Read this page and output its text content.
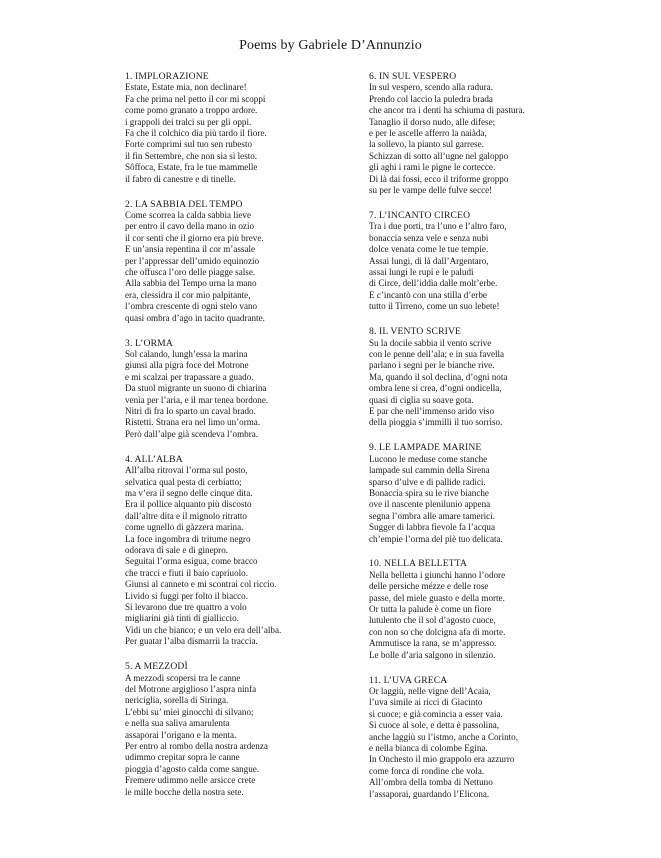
Poems by Gabriele D’Annunzio

1. IMPLORAZIONE

Estate, Estate mia, non declinare!

Fa che prima nel petto il cor mi scoppi

come pomo granato a troppo ardore.

i grappoli dei tralci su per gli oppi.

Fa che il colchico dia più tardo il fiore.

Forte comprimi sul tuo sen rubesto

il fin Settembre, che non sia sì lesto.

Sôffoca, Estate, fra le tue mammelle

il fabro di canestre e di tinelle.

2. LA SABBIA DEL TEMPO

Come scorrea la calda sabbia lieve

per entro il cavo della mano in ozio

il cor sentì che il giorno era più breve.

E un’ansia repentina il cor m’assale

per l’appressar dell’umido equinozio

che offusca l’oro delle piagge salse.

Alla sabbia del Tempo urna la mano

era, clessidra il cor mio palpitante,

l’ombra crescente di ogni stelo vano

quasi ombra d’ago in tacito quadrante.

3. L’ORMA

Sol calando, lungh’essa la marina

giunsi alla pigra foce del Motrone

e mi scalzai per trapassare a guado.

Da stuol migrante un suono di chiarina

venìa per l’aria, e il mar tenea bordone.

Nitrì di fra lo sparto un caval brado.

Ristetti. Strana era nel limo un’orma.

Però dall’alpe già scendeva l’ombra.

4. ALL’ALBA

All’alba ritrovai l’orma sul posto,

selvatica qual pesta di cerbiatto;

ma v’era il segno delle cinque dita.

Era il pollice alquanto più discosto

dall’altre dita e il mignolo ritratto

come ugnello di gàzzera marina.

La foce ingombra di tritume negro

odorava di sale e di ginepro.

Seguitai l’orma esigua, come bracco

che tracci e fiuti il baio capriuolo.

Giunsi al canneto e mi scontrai col riccio.

Livido si fuggì per folto il biacco.

Si levarono due tre quattro a volo

migliarini già tinti di gialliccio.

Vidi un che bianco; e un velo era dell’alba.

Per guatar l’alba dismarrii la traccia.

5. A MEZZODÌ

A mezzodì scopersi tra le canne

del Motrone argiglioso l’aspra ninfa

nericiglia, sorella di Siringa.

L’ebbi su’ miei ginocchi di silvano;

e nella sua saliva amarulenta

assaporai l’origano e la menta.

Per entro al rombo della nostra ardenza

udimmo crepitar sopra le canne

pioggia d’agosto calda come sangue.

Fremere udimmo nelle arsicce crete

le mille bocche della nostra sete.

6. IN SUL VESPERO

In sul vespero, scendo alla radura.

Prendo col laccio la puledra brada

che ancor tra i denti ha schiuma di pastura.

Tanaglio il dorso nudo, alle difese;

e per le ascelle afferro la naiàda,

la sollevo, la pianto sul garrese.

Schizzan di sotto all’ugne nel galoppo

gli aghi i rami le pigne le cortecce.

Di là dai fossi, ecco il triforme groppo

su per le vampe delle fulve secce!

7. L’INCANTO CIRCEO

Tra i due porti, tra l’uno e l’altro faro,

bonaccia senza vele e senza nubi

dolce venata come le tue tempie.

Assai lungi, di là dall’Argentaro,

assai lungi le rupi e le paludi

di Circe, dell’iddìa dalle molt’erbe.

E c’incantò con una stilla d’erbe

tutto il Tirreno, come un suo lebete!

8. IL VENTO SCRIVE

Su la docile sabbia il vento scrive

con le penne dell’ala; e in sua favella

parlano i segni per le bianche rive.

Ma, quando il sol declina, d’ogni nota

ombra lene si crea, d’ogni ondicella,

quasi di ciglia su soave gota.

E par che nell’immenso arido viso

della pioggia s’immilli il tuo sorriso.

9. LE LAMPADE MARINE

Lucono le meduse come stanche

lampade sul cammin della Sirena

sparso d’ulve e di pallide radici.

Bonaccia spira su le rive bianche

ove il nascente plenilunio appena

segna l’ombra alle amare tamerici.

Sugger di labbra fievole fa l’acqua

ch’empie l’orma del piè tuo delicata.

10. NELLA BELLETTA

Nella belletta i giunchi hanno l’odore

delle persiche mézze e delle rose

passe, del miele guasto e della morte.

Or tutta la palude è come un fiore

lutulento che il sol d’agosto cuoce,

con non so che dolcigna afa di morte.

Ammutisce la rana, se m’appresso.

Le bolle d’aria salgono in silenzio.

11. L’UVA GRECA

Or laggiù, nelle vigne dell’Acaia,

l’uva simile ai ricci di Giacinto

si cuoce; e già comincia a esser vaia.

Si cuoce al sole, e detta è passolina,

anche laggiù su l’istmo, anche a Corinto,

e nella bianca di colombe Egina.

In Onchesto il mio grappolo era azzurro

come forca di rondine che vola.

All’ombra della tomba di Nettuno

l’assaporai, guardando l’Elicona.
